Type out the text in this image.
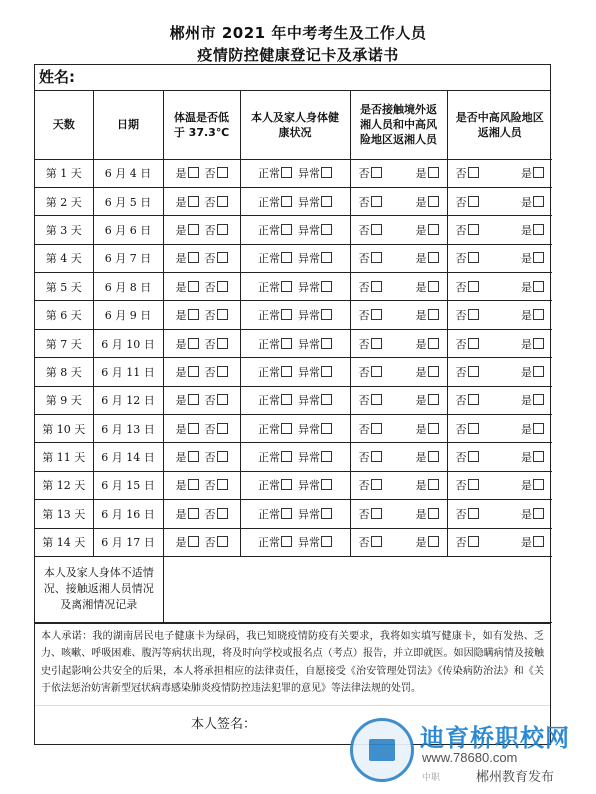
郴州市 2021 年中考考生及工作人员
疫情防控健康登记卡及承诺书
姓名:
天数	日期	体温是否低于 37.3℃	本人及家人身体健康状况	是否接触境外返湘人员和中高风险地区返湘人员	是否中高风险地区返湘人员
第 1 天	6 月 4 日	是 否	正常 异常	否 是	否 是

第 2 天	6 月 5 日	是 否	正常 异常	否 是	否 是

第 3 天	6 月 6 日	是 否	正常 异常	否 是	否 是

第 4 天	6 月 7 日	是 否	正常 异常	否 是	否 是

第 5 天	6 月 8 日	是 否	正常 异常	否 是	否 是

第 6 天	6 月 9 日	是 否	正常 异常	否 是	否 是

第 7 天	6 月 10 日	是 否	正常 异常	否 是	否 是

第 8 天	6 月 11 日	是 否	正常 异常	否 是	否 是

第 9 天	6 月 12 日	是 否	正常 异常	否 是	否 是

第 10 天	6 月 13 日	是 否	正常 异常	否 是	否 是

第 11 天	6 月 14 日	是 否	正常 异常	否 是	否 是

第 12 天	6 月 15 日	是 否	正常 异常	否 是	否 是

第 13 天	6 月 16 日	是 否	正常 异常	否 是	否 是

第 14 天	6 月 17 日	是 否	正常 异常	否 是	否 是

本人及家人身体不适情况、接触返湘人员情况及离湘情况记录					
本人承诺：我的湖南居民电子健康卡为绿码，我已知晓疫情防疫有关要求，我将如实填写健康卡，如有发热、乏力、咳嗽、呼吸困难、腹泻等病状出现，将及时向学校或报名点（考点）报告，并立即就医。如因隐瞒病情及接触史引起影响公共安全的后果，本人将承担相应的法律责任，自愿接受《治安管理处罚法》《传染病防治法》和《关于依法惩治妨害新型冠状病毒感染肺炎疫情防控违法犯罪的意见》等法律法规的处罚。
本人签名：
迪育桥职校网
www.78680.com
中职	郴州教育发布
